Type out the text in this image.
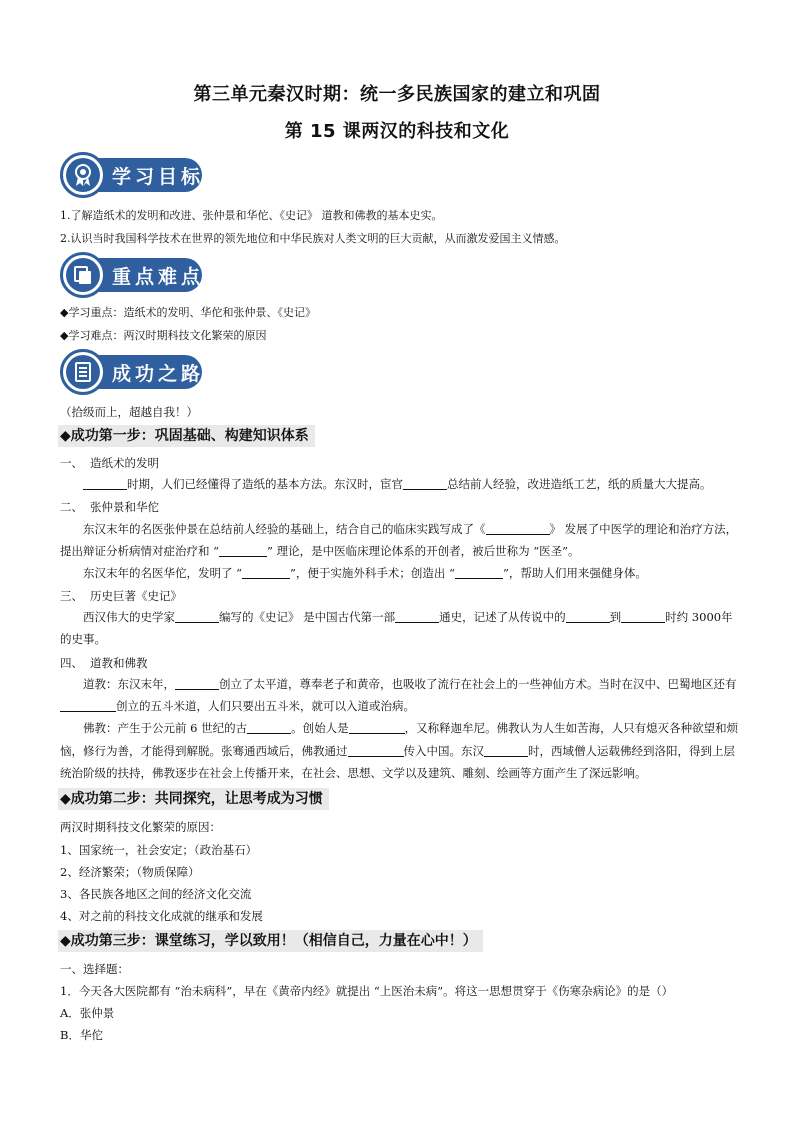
第三单元秦汉时期：统一多民族国家的建立和巩固
第 15 课两汉的科技和文化
学习目标
1.了解造纸术的发明和改进、张仲景和华佗、《史记》 道教和佛教的基本史实。
2.认识当时我国科学技术在世界的领先地位和中华民族对人类文明的巨大贡献，从而激发爱国主义情感。
重点难点
◆学习重点：造纸术的发明、华佗和张仲景、《史记》
◆学习难点：两汉时期科技文化繁荣的原因
成功之路
（拾级而上，超越自我！）
◆成功第一步：巩固基础、构建知识体系
一、 造纸术的发明
时期，人们已经懂得了造纸的基本方法。东汉时，宦官	总结前人经验，改进造纸工艺，纸的质量大大提高。
二、 张仲景和华佗
东汉末年的名医张仲景在总结前人经验的基础上，结合自己的临床实践写成了《	》 发展了中医学的理论和治疗方法，
提出辩证分析病情对症治疗和 “	” 理论，是中医临床理论体系的开创者，被后世称为 “医圣”。
东汉末年的名医华佗，发明了 “	”，便于实施外科手术；创造出 “	”，帮助人们用来强健身体。
三、 历史巨著《史记》
西汉伟大的史学家	编写的《史记》 是中国古代第一部	通史，记述了从传说中的	到	时约 3000年
的史事。
四、 道教和佛教
道教：东汉末年，	创立了太平道，尊奉老子和黄帝，也吸收了流行在社会上的一些神仙方术。当时在汉中、巴蜀地区还有
创立的五斗米道，人们只要出五斗米，就可以入道或治病。
佛教：产生于公元前 6 世纪的古	。创始人是	，又称释迦牟尼。佛教认为人生如苦海，人只有熄灭各种欲望和烦
恼，修行为善，才能得到解脱。张骞通西域后，佛教通过	传入中国。东汉	时，西域僧人运载佛经到洛阳，得到上层
统治阶级的扶持，佛教逐步在社会上传播开来，在社会、思想、文学以及建筑、雕刻、绘画等方面产生了深远影响。
◆成功第二步：共同探究，让思考成为习惯
两汉时期科技文化繁荣的原因：
1、国家统一，社会安定；（政治基石）
2、经济繁荣；（物质保障）
3、各民族各地区之间的经济文化交流
4、对之前的科技文化成就的继承和发展
◆成功第三步：课堂练习，学以致用！（相信自己，力量在心中！）
一、选择题：
1．今天各大医院都有 “治未病科”，早在《黄帝内经》就提出 “上医治未病”。将这一思想贯穿于《伤寒杂病论》的是（）
A．张仲景
B．华佗
